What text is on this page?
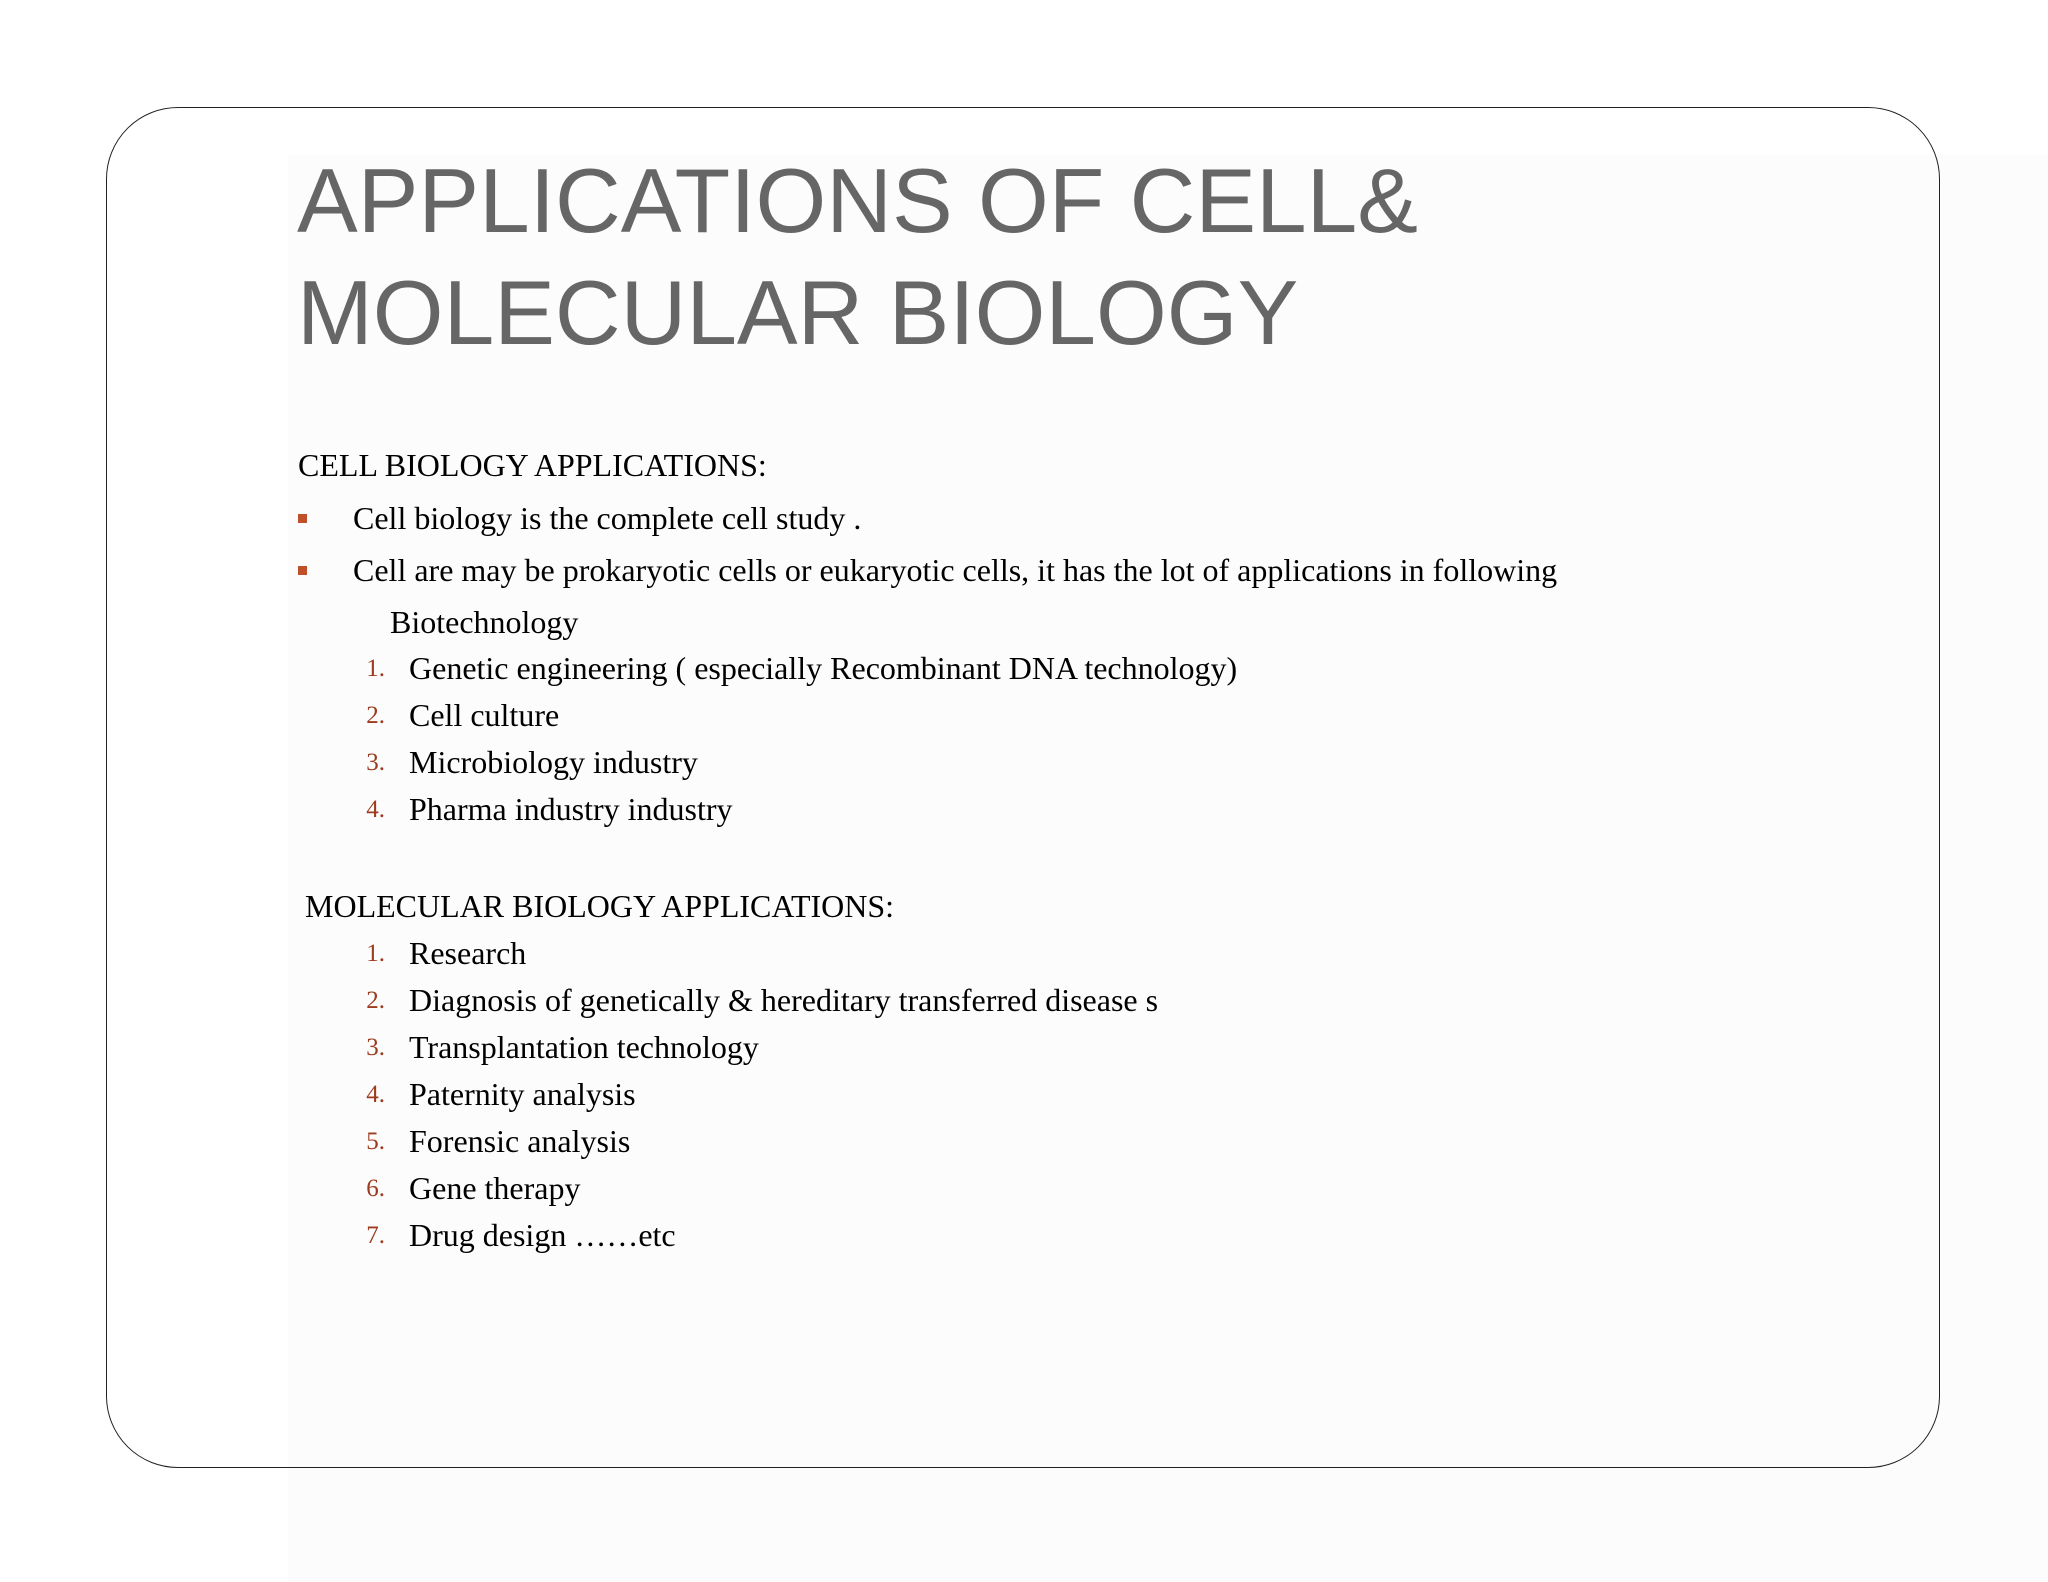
APPLICATIONS OF CELL&
MOLECULAR BIOLOGY
CELL BIOLOGY APPLICATIONS:
Cell biology is the complete cell study .
Cell are may be prokaryotic cells or eukaryotic cells, it has the lot of applications in following
Biotechnology
1. Genetic engineering ( especially Recombinant DNA technology)
2. Cell culture
3. Microbiology industry
4. Pharma industry industry
MOLECULAR BIOLOGY APPLICATIONS:
1. Research
2. Diagnosis of genetically & hereditary transferred disease s
3. Transplantation technology
4. Paternity analysis
5. Forensic analysis
6. Gene therapy
7. Drug design ……etc
